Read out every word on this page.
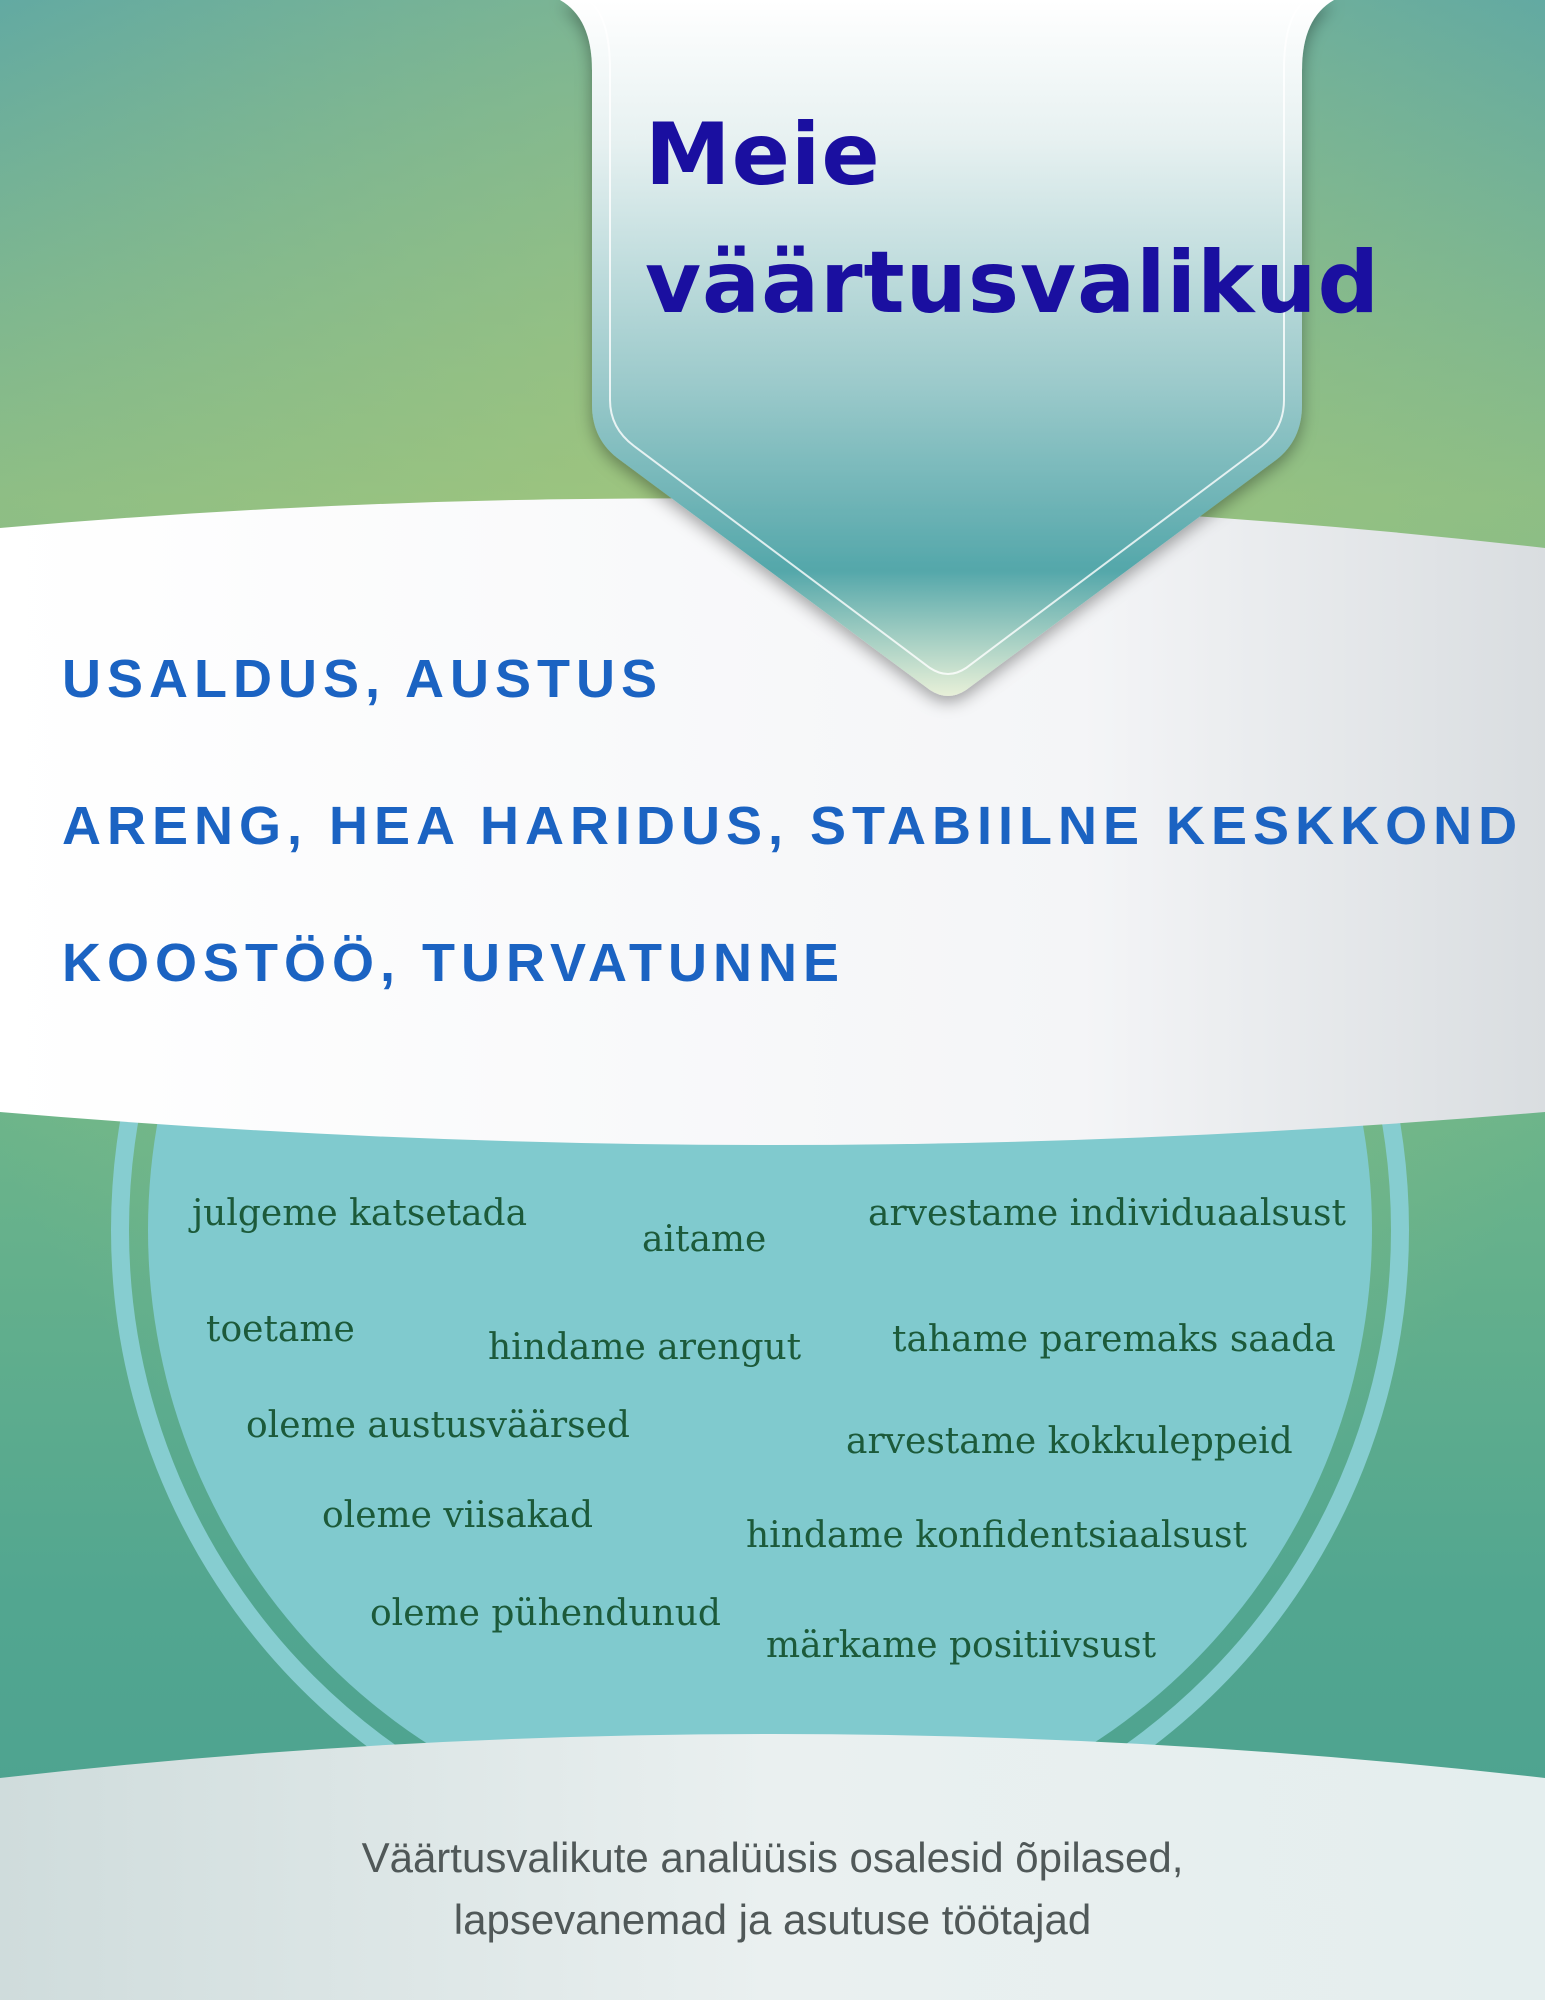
Meie
väärtusvalikud
USALDUS, AUSTUS
ARENG, HEA HARIDUS, STABIILNE KESKKOND
KOOSTÖÖ, TURVATUNNE
julgeme katsetada
aitame
arvestame individuaalsust
toetame	hindame arengut	tahame paremaks saada
oleme austusväärsed	arvestame kokkuleppeid
oleme viisakad	hindame konfidentsiaalsust
oleme pühendunud
märkame positiivsust
Väärtusvalikute analüüsis osalesid õpilased,
lapsevanemad ja asutuse töötajad
